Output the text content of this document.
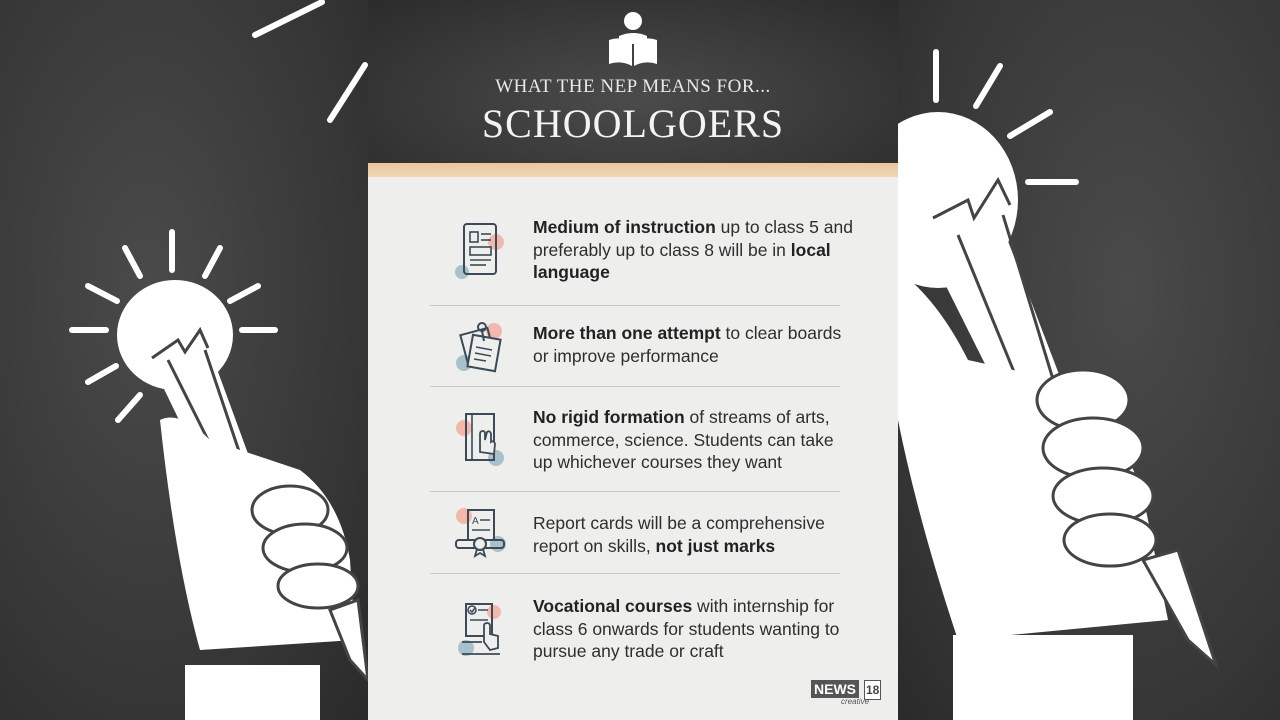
WHAT THE NEP MEANS FOR...
SCHOOLGOERS
Medium of instruction up to class 5 and preferably up to class 8 will be in local language
More than one attempt to clear boards or improve performance
No rigid formation of streams of arts, commerce, science. Students can take up whichever courses they want
A	Report cards will be a comprehensive report on skills, not just marks
Vocational courses with internship for class 6 onwards for students wanting to pursue any trade or craft
NEWS 18
creative
